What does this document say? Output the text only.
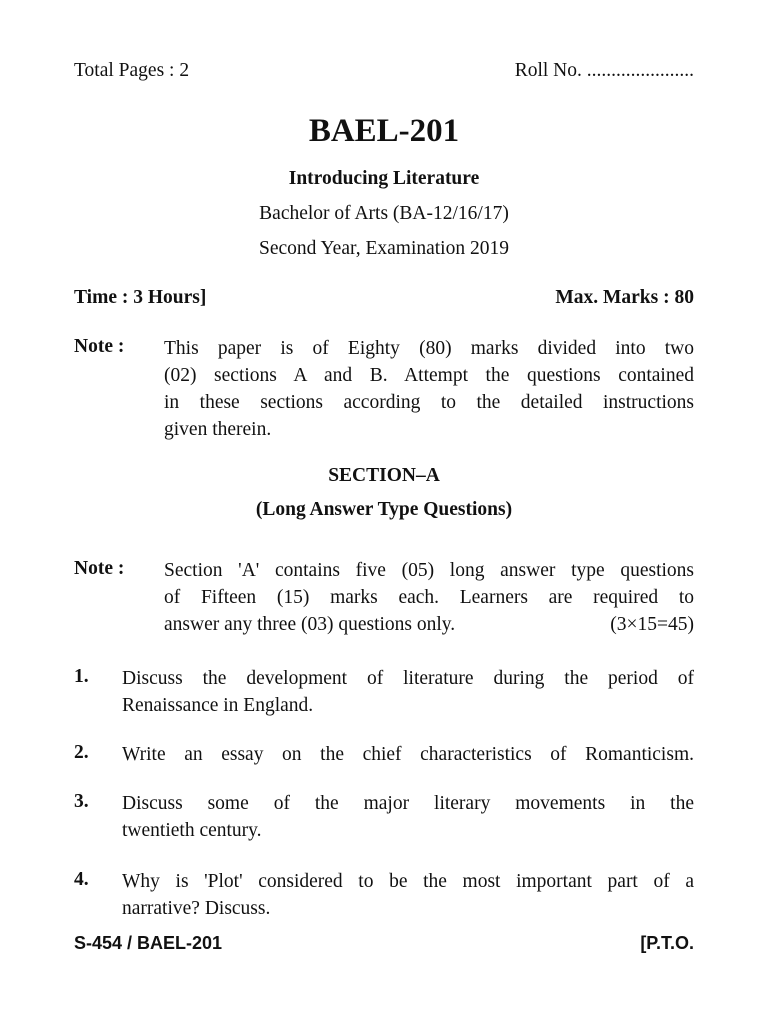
Total Pages : 2	Roll No. ......................
BAEL-201
Introducing Literature
Bachelor of Arts (BA-12/16/17)
Second Year, Examination 2019
Time : 3 Hours]	Max. Marks : 80
Note : This paper is of Eighty (80) marks divided into two
(02) sections A and B. Attempt the questions contained
in these sections according to the detailed instructions
given therein.
SECTION–A
(Long Answer Type Questions)
Note : Section 'A' contains five (05) long answer type questions
of Fifteen (15) marks each. Learners are required to
answer any three (03) questions only.	(3×15=45)
1. Discuss the development of literature during the period of
Renaissance in England.
2. Write an essay on the chief characteristics of Romanticism.
3. Discuss some of the major literary movements in the
twentieth century.
4. Why is 'Plot' considered to be the most important part of a
narrative? Discuss.
S-454 / BAEL-201	[P.T.O.
